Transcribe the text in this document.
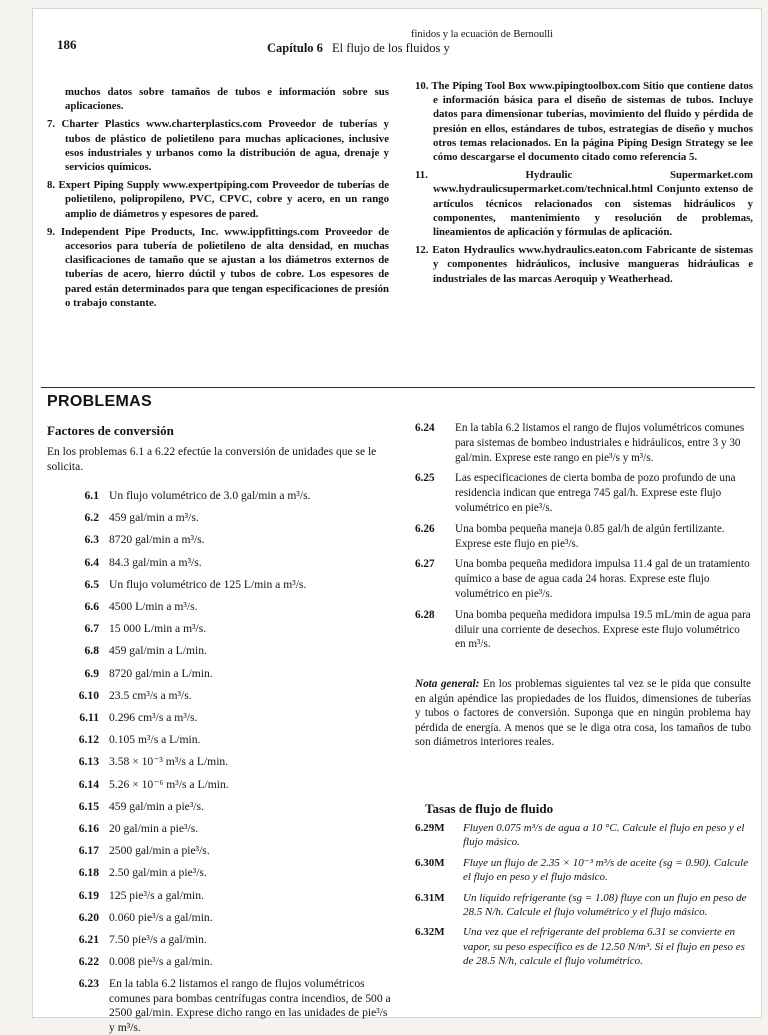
186
finidos y la ecuación de Bernoulli
Capítulo 6 El flujo de los fluidos y

muchos datos sobre tamaños de tubos e información sobre sus aplicaciones.

7. Charter Plastics www.charterplastics.com Proveedor de tuberías y tubos de plástico de polietileno para muchas aplicaciones, inclusive esos industriales y urbanos como la distribución de agua, drenaje y servicios químicos.

8. Expert Piping Supply www.expertpiping.com Proveedor de tuberías de polietileno, polipropileno, PVC, CPVC, cobre y acero, en un rango amplio de diámetros y espesores de pared.

9. Independent Pipe Products, Inc. www.ippfittings.com Proveedor de accesorios para tubería de polietileno de alta densidad, en muchas clasificaciones de tamaño que se ajustan a los diámetros externos de tuberías de acero, hierro dúctil y tubos de cobre. Los espesores de pared están determinados para que tengan especificaciones de presión o trabajo constante.

10. The Piping Tool Box www.pipingtoolbox.com Sitio que contiene datos e información básica para el diseño de sistemas de tubos. Incluye datos para dimensionar tuberías, movimiento del fluido y pérdida de presión en ellos, estándares de tubos, estrategias de diseño y muchos otros temas relacionados. En la página Piping Design Strategy se lee cómo descargarse el documento citado como referencia 5.

11.	Hydraulic Supermarket.com www.hydraulicsupermarket.com/technical.html Conjunto extenso de artículos técnicos relacionados con sistemas hidráulicos y componentes, mantenimiento y resolución de problemas, lineamientos de aplicación y fórmulas de aplicación.

12. Eaton Hydraulics www.hydraulics.eaton.com Fabricante de sistemas y componentes hidráulicos, inclusive mangueras hidráulicas e industriales de las marcas Aeroquip y Weatherhead.

PROBLEMAS
Factores de conversión
En los problemas 6.1 a 6.22 efectúe la conversión de unidades que se le solicita.
6.1 Un flujo volumétrico de 3.0 gal/min a m³/s.
6.2 459 gal/min a m³/s.
6.3 8720 gal/min a m³/s.
6.4 84.3 gal/min a m³/s.
6.5 Un flujo volumétrico de 125 L/min a m³/s.
6.6 4500 L/min a m³/s.
6.7 15 000 L/min a m³/s.
6.8 459 gal/min a L/min.
6.9 8720 gal/min a L/min.
6.10 23.5 cm³/s a m³/s.
6.11 0.296 cm³/s a m³/s.
6.12 0.105 m³/s a L/min.
6.13 3.58 × 10⁻³ m³/s a L/min.
6.14 5.26 × 10⁻⁶ m³/s a L/min.
6.15 459 gal/min a pie³/s.
6.16 20 gal/min a pie³/s.
6.17 2500 gal/min a pie³/s.
6.18 2.50 gal/min a pie³/s.
6.19 125 pie³/s a gal/min.
6.20 0.060 pie³/s a gal/min.
6.21 7.50 pie³/s a gal/min.
6.22 0.008 pie³/s a gal/min.
6.23 En la tabla 6.2 listamos el rango de flujos volumétricos comunes para bombas centrífugas contra incendios, de 500 a 2500 gal/min. Exprese dicho rango en las unidades de pie³/s y m³/s.
6.24	En la tabla 6.2 listamos el rango de flujos volumétricos comunes para sistemas de bombeo industriales e hidráulicos, entre 3 y 30 gal/min. Exprese este rango en pie³/s y m³/s.
6.25	Las especificaciones de cierta bomba de pozo profundo de una residencia indican que entrega 745 gal/h. Exprese este flujo volumétrico en pie³/s.
6.26	Una bomba pequeña maneja 0.85 gal/h de algún fertilizante. Exprese este flujo en pie³/s.
6.27	Una bomba pequeña medidora impulsa 11.4 gal de un tratamiento químico a base de agua cada 24 horas. Exprese este flujo volumétrico en pie³/s.
6.28	Una bomba pequeña medidora impulsa 19.5 mL/min de agua para diluir una corriente de desechos. Exprese este flujo volumétrico en m³/s.
Nota general: En los problemas siguientes tal vez se le pida que consulte en algún apéndice las propiedades de los fluidos, dimensiones de tuberías y tubos o factores de conversión. Suponga que en ningún problema hay pérdida de energía. A menos que se le diga otra cosa, los tamaños de tubo son diámetros interiores reales.
Tasas de flujo de fluido
6.29M	Fluyen 0.075 m³/s de agua a 10 °C. Calcule el flujo en peso y el flujo másico.
6.30M	Fluye un flujo de 2.35 × 10⁻³ m³/s de aceite (sg = 0.90). Calcule el flujo en peso y el flujo másico.
6.31M	Un líquido refrigerante (sg = 1.08) fluye con un flujo en peso de 28.5 N/h. Calcule el flujo volumétrico y el flujo másico.
6.32M	Una vez que el refrigerante del problema 6.31 se convierte en vapor, su peso específico es de 12.50 N/m³. Si el flujo en peso es de 28.5 N/h, calcule el flujo volumétrico.
